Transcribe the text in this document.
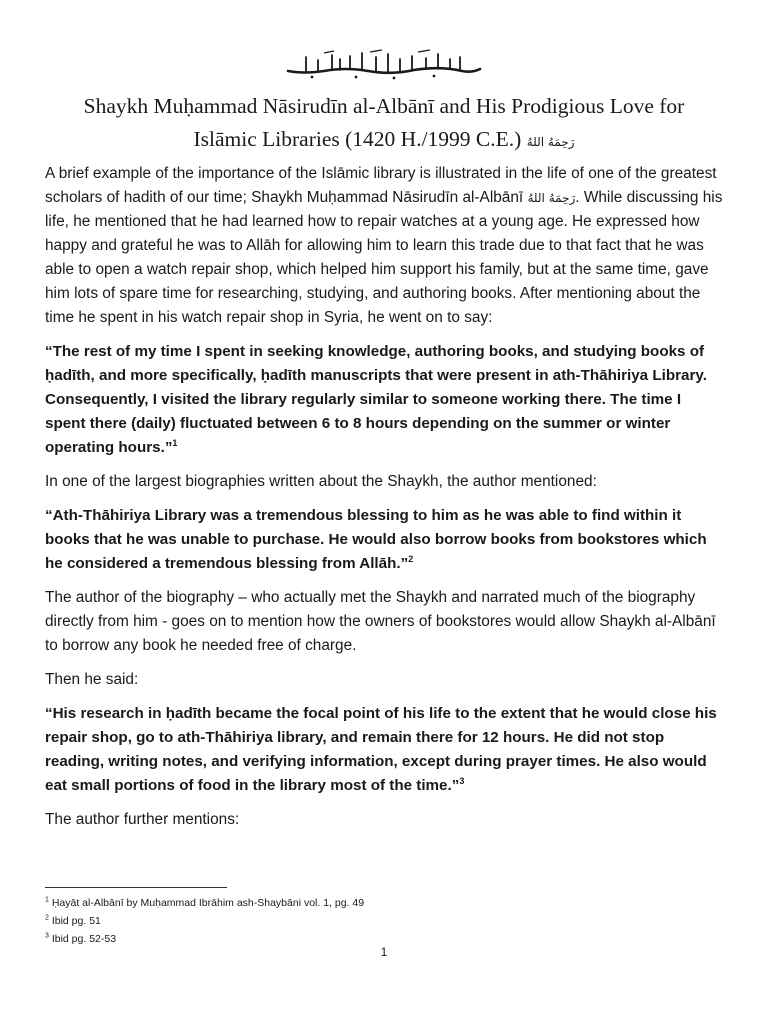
Shaykh Muḥammad Nāsirudīn al-Albānī and His Prodigious Love for
Islāmic Libraries (1420 H./1999 C.E.) رَحِمَهُ اللهُ

A brief example of the importance of the Islāmic library is illustrated in the life of one of the greatest scholars of hadith of our time; Shaykh Muḥammad Nāsirudīn al-Albānī رَحِمَهُ اللهُ. While discussing his life, he mentioned that he had learned how to repair watches at a young age. He expressed how happy and grateful he was to Allāh for allowing him to learn this trade due to that fact that he was able to open a watch repair shop, which helped him support his family, but at the same time, gave him lots of spare time for researching, studying, and authoring books. After mentioning about the time he spent in his watch repair shop in Syria, he went on to say:

“The rest of my time I spent in seeking knowledge, authoring books, and studying books of ḥadīth, and more specifically, ḥadīth manuscripts that were present in ath-Thāhiriya Library. Consequently, I visited the library regularly similar to someone working there. The time I spent there (daily) fluctuated between 6 to 8 hours depending on the summer or winter operating hours.”$^1$

In one of the largest biographies written about the Shaykh, the author mentioned:

“Ath-Thāhiriya Library was a tremendous blessing to him as he was able to find within it books that he was unable to purchase. He would also borrow books from bookstores which he considered a tremendous blessing from Allāh.”$^2$

The author of the biography – who actually met the Shaykh and narrated much of the biography directly from him - goes on to mention how the owners of bookstores would allow Shaykh al-Albānī to borrow any book he needed free of charge.

Then he said:

“His research in ḥadīth became the focal point of his life to the extent that he would close his repair shop, go to ath-Thāhiriya library, and remain there for 12 hours. He did not stop reading, writing notes, and verifying information, except during prayer times. He also would eat small portions of food in the library most of the time.”$^3$

The author further mentions:

$^1$ Ḥayāt al-Albānī by Muḥammad Ibrāhim ash-Shaybāni vol. 1, pg. 49
$^2$ Ibid pg. 51
$^3$ Ibid pg. 52-53
1
